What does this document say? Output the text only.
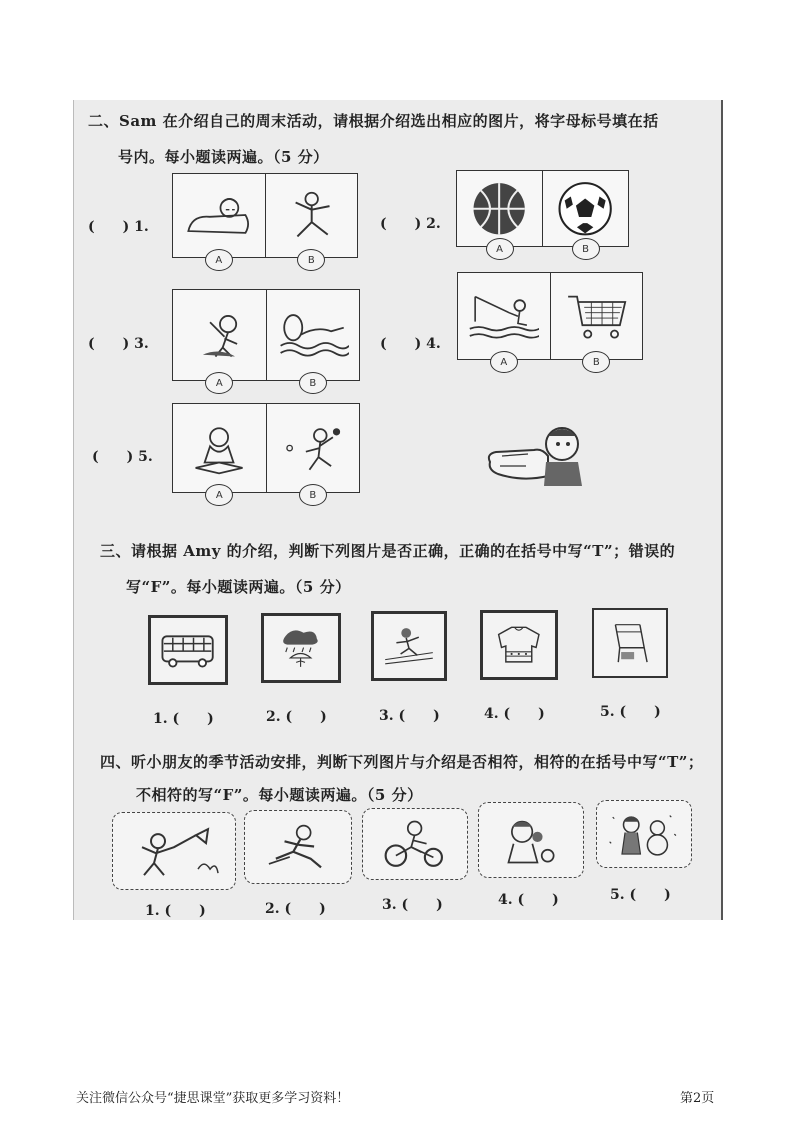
二、Sam 在介绍自己的周末活动，请根据介绍选出相应的图片，将字母标号填在括
号内。每小题读两遍。（5 分）
(　　) 1.
A	B
(　　) 2.
A	B
(　　) 3.
A	B
(　　) 4.
A	B
(　　) 5.
A	B
三、请根据 Amy 的介绍，判断下列图片是否正确，正确的在括号中写“T”；错误的
写“F”。每小题读两遍。（5 分）
1. (　　)	2. (　　)	3. (　　)	4. (　　)	5. (　　)
四、听小朋友的季节活动安排，判断下列图片与介绍是否相符，相符的在括号中写“T”；
不相符的写“F”。每小题读两遍。（5 分）
1. (　　)	2. (　　)	3. (　　)	4. (　　)	5. (　　)
关注微信公众号“捷思课堂”获取更多学习资料！	第2页
